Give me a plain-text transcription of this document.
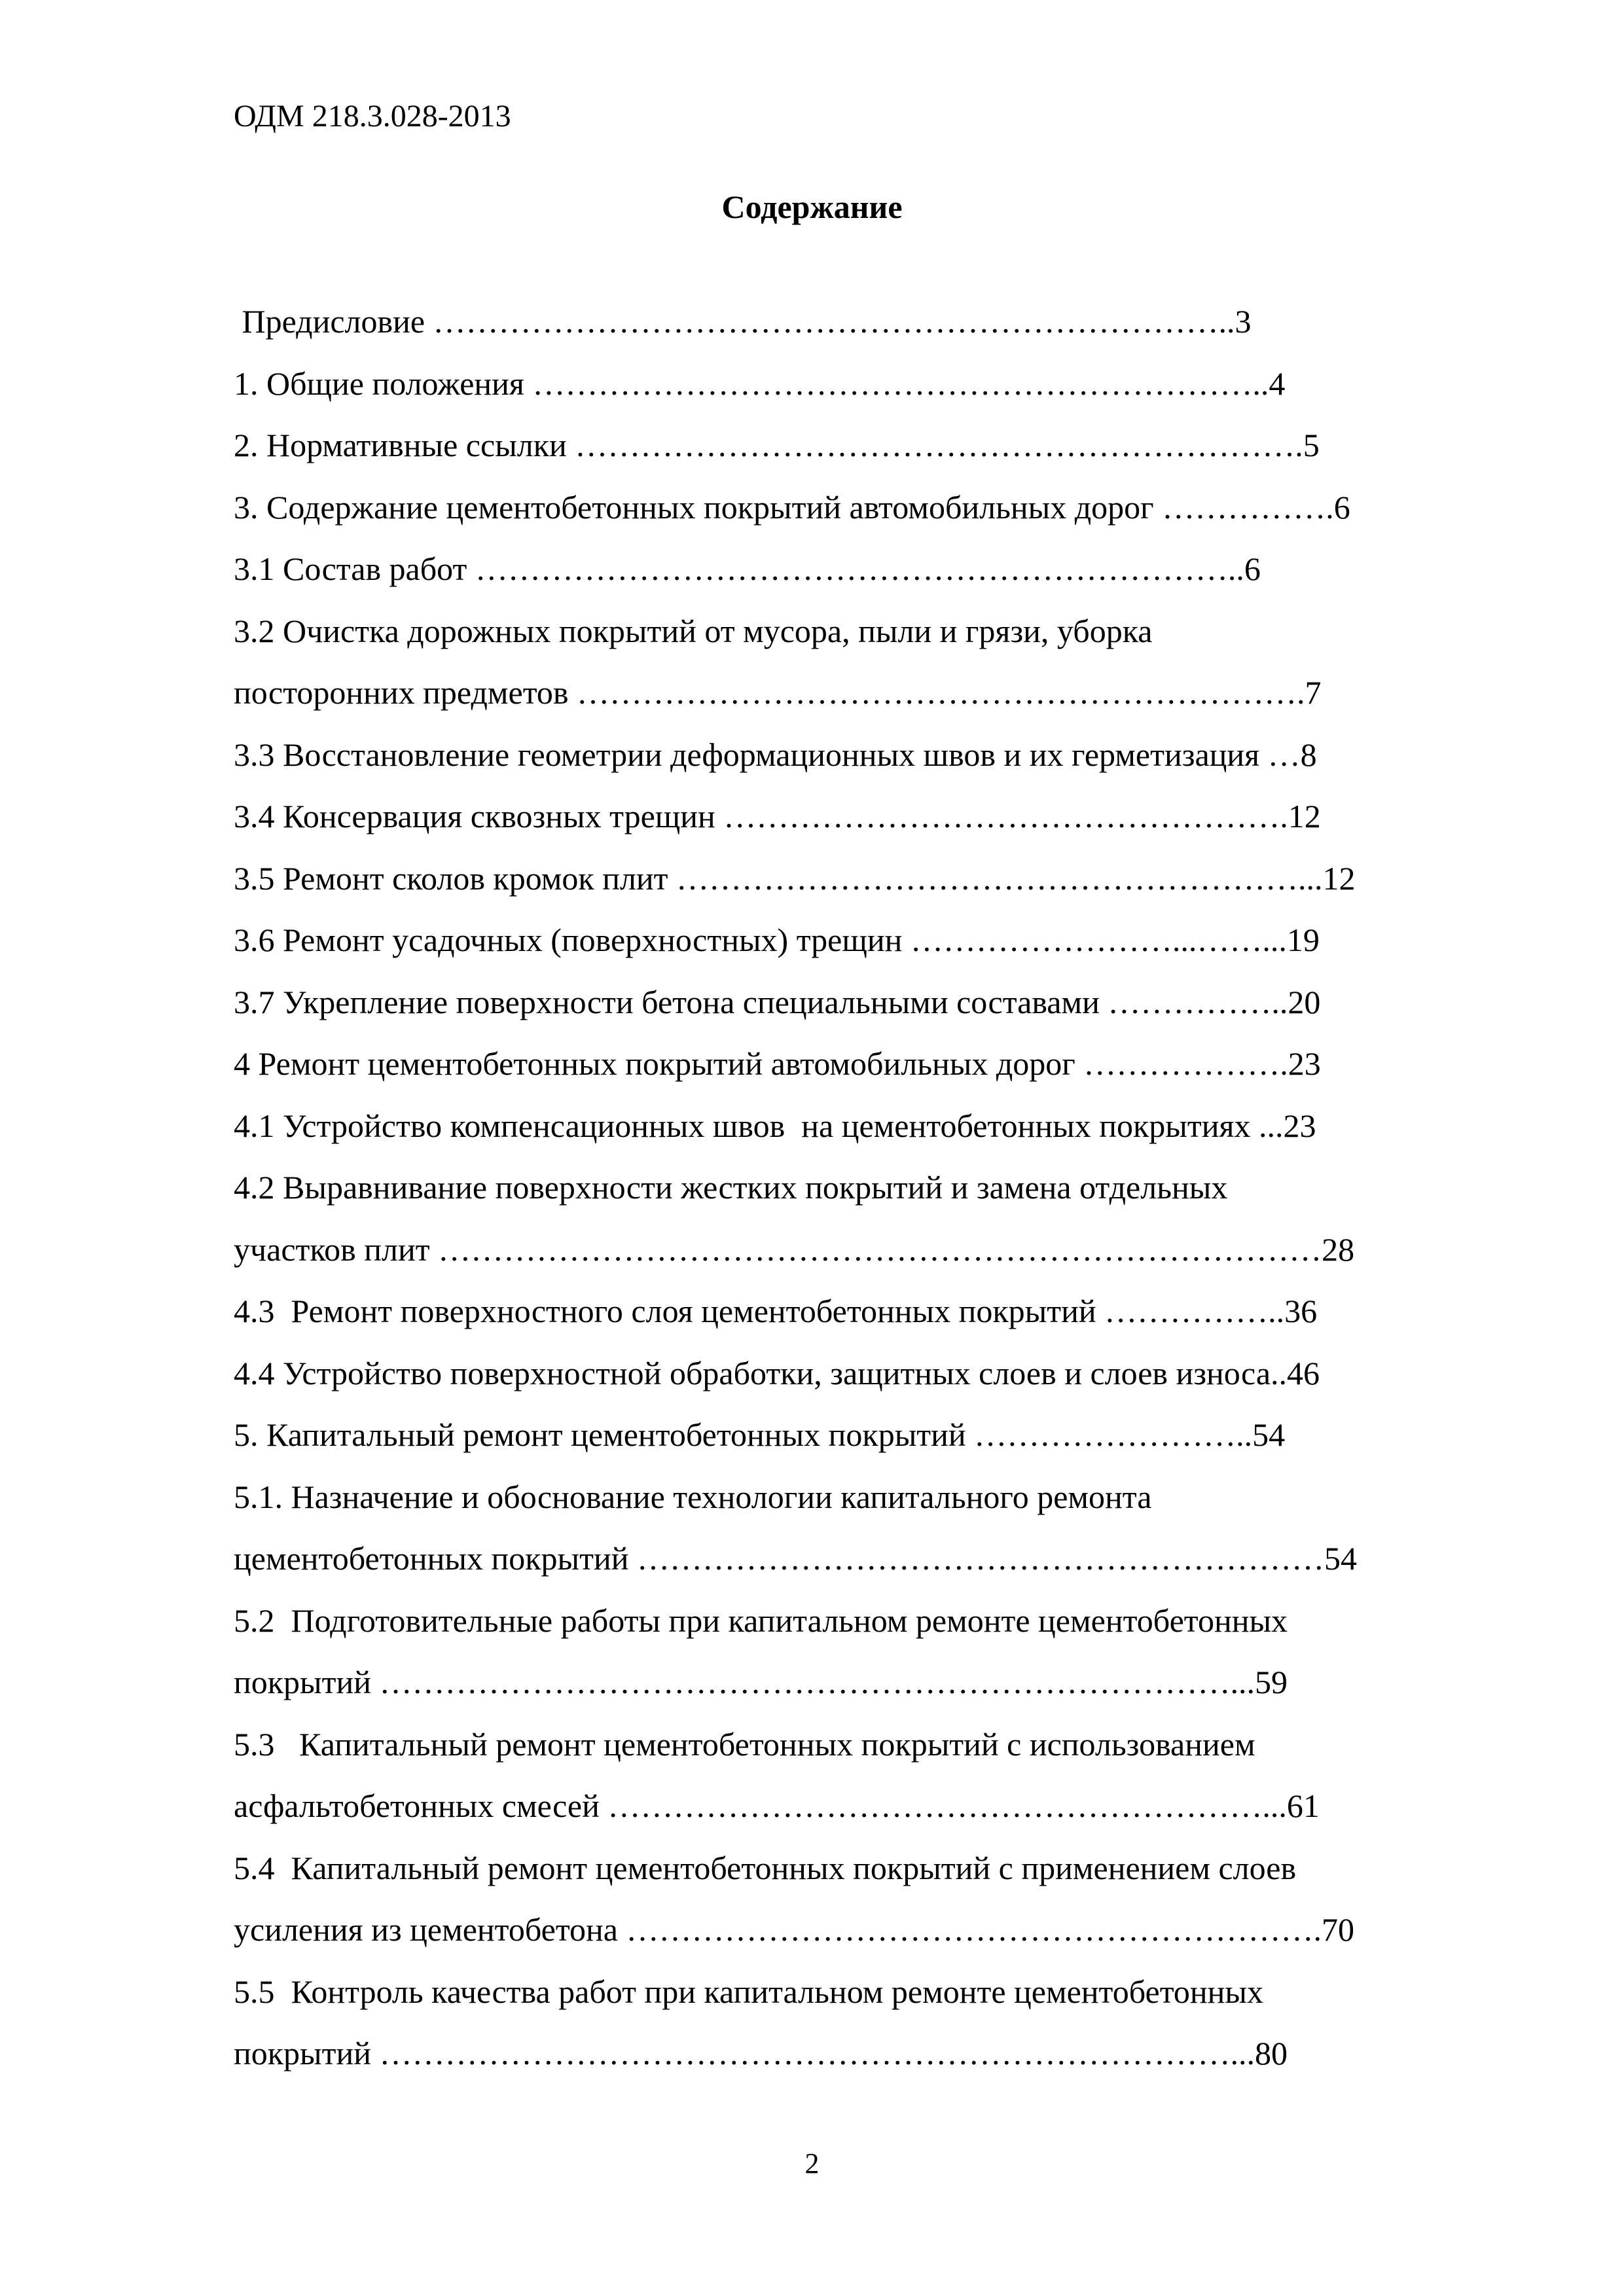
ОДМ 218.3.028-2013
Содержание
Предисловие ……………………………………………………………….. 3
1. Общие положения ………………………………………………………….. 4
2. Нормативные ссылки …………………………………………………………. 5
3. Содержание цементобетонных покрытий автомобильных дорог ……………. 6
3.1 Состав работ …………………………………………………………….. 6
3.2 Очистка дорожных покрытий от мусора, пыли и грязи, уборка
посторонних предметов …………………………………………………………. 7
3.3 Восстановление геометрии деформационных швов и их герметизация … 8
3.4 Консервация сквозных трещин ……………………………………………. 12
3.5 Ремонт сколов кромок плит …………………………………………………... 12
3.6 Ремонт усадочных (поверхностных) трещин ……………………...……... 19
3.7 Укрепление поверхности бетона специальными составами …………….. 20
4 Ремонт цементобетонных покрытий автомобильных дорог ………………. 23
4.1 Устройство компенсационных швов  на цементобетонных покрытиях ... 23
4.2 Выравнивание поверхности жестких покрытий и замена отдельных
участков плит ……………………………………………………………………… 28
4.3  Ремонт поверхностного слоя цементобетонных покрытий …………….. 36
4.4 Устройство поверхностной обработки, защитных слоев и слоев износа .. 46
5. Капитальный ремонт цементобетонных покрытий …………………….. 54
5.1. Назначение и обоснование технологии капитального ремонта
цементобетонных покрытий ……………………………………………………… 54
5.2  Подготовительные работы при капитальном ремонте цементобетонных
покрытий ……………………………………………………………………... 59
5.3   Капитальный ремонт цементобетонных покрытий с использованием
асфальтобетонных смесей ……………………………………………………... 61
5.4  Капитальный ремонт цементобетонных покрытий с применением слоев
усиления из цементобетона ………………………………………………………. 70
5.5  Контроль качества работ при капитальном ремонте цементобетонных
покрытий ……………………………………………………………………... 80
2
